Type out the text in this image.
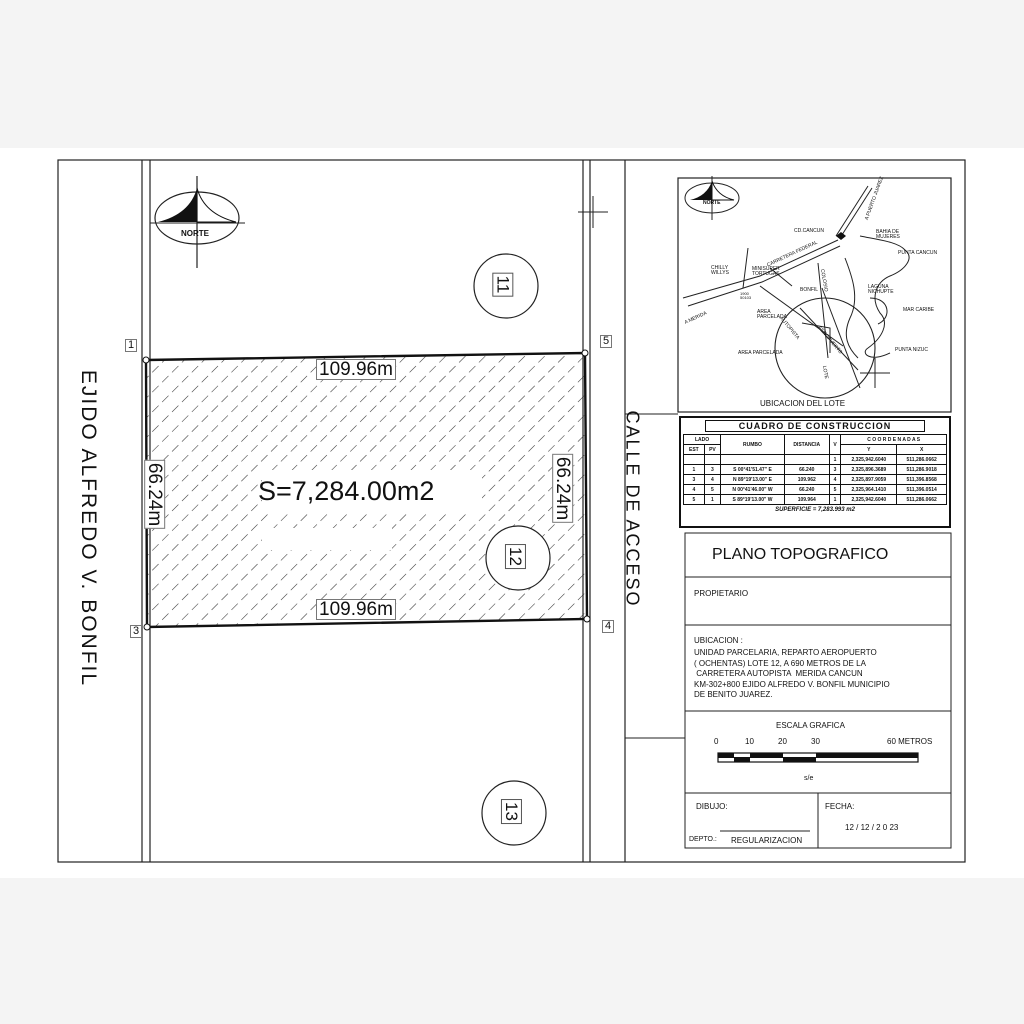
NORTE
EJIDO ALFREDO V. BONFIL	CALLE DE ACCESO
S=7,284.00m2
109.96m
109.96m
66.24m	66.24m
1
3	4
5
11
12
13
NORTE
UBICACION DEL LOTE
CD.CANCUN
A PUERTO JUAREZ
BAHIA DE MUJERES
PUNTA CANCUN
LAGUNA NICHUPTE
MAR CARIBE
PUNTA NIZUC
BONFIL
AREA PARCELADA
AREA PARCELADA
A MERIDA	AUTOPISTA
CARRETERA FEDERAL
CHILLY WILLYS
MINISUPER TORTUGAS
AEROPUERTO
COLOSIO
LOTE
1900 50103
CUADRO DE CONSTRUCCION
LADO		RUMBO	DISTANCIA	V	C O O R D E N A D A S	
EST	PV				Y	X
				1	2,325,942.6040	511,286.0662
1	3	S 00°41'51.47" E	66.240	3	2,325,896.3689	511,286.9018
3	4	N 89°19'13.00" E	109.962	4	2,325,897.9059	511,396.8568
4	5	N 00°41'46.00" W	66.240	5	2,325,964.1410	511,396.0514
5	1	S 89°19'13.00" W	109.964	1	2,325,942.6040	511,286.0662
SUPERFICIE = 7,283.993 m2
PLANO TOPOGRAFICO
PROPIETARIO
UBICACION :
UNIDAD PARCELARIA, REPARTO AEROPUERTO
( OCHENTAS) LOTE 12, A 690 METROS DE LA
CARRETERA AUTOPISTA  MERIDA CANCUN
KM-302+800 EJIDO ALFREDO V. BONFIL MUNICIPIO
DE BENITO JUAREZ.
ESCALA GRAFICA
0	10	20	30	60 METROS
s/e
DIBUJO:
DEPTO.: REGULARIZACION
FECHA:
12 / 12 / 2 0 23
